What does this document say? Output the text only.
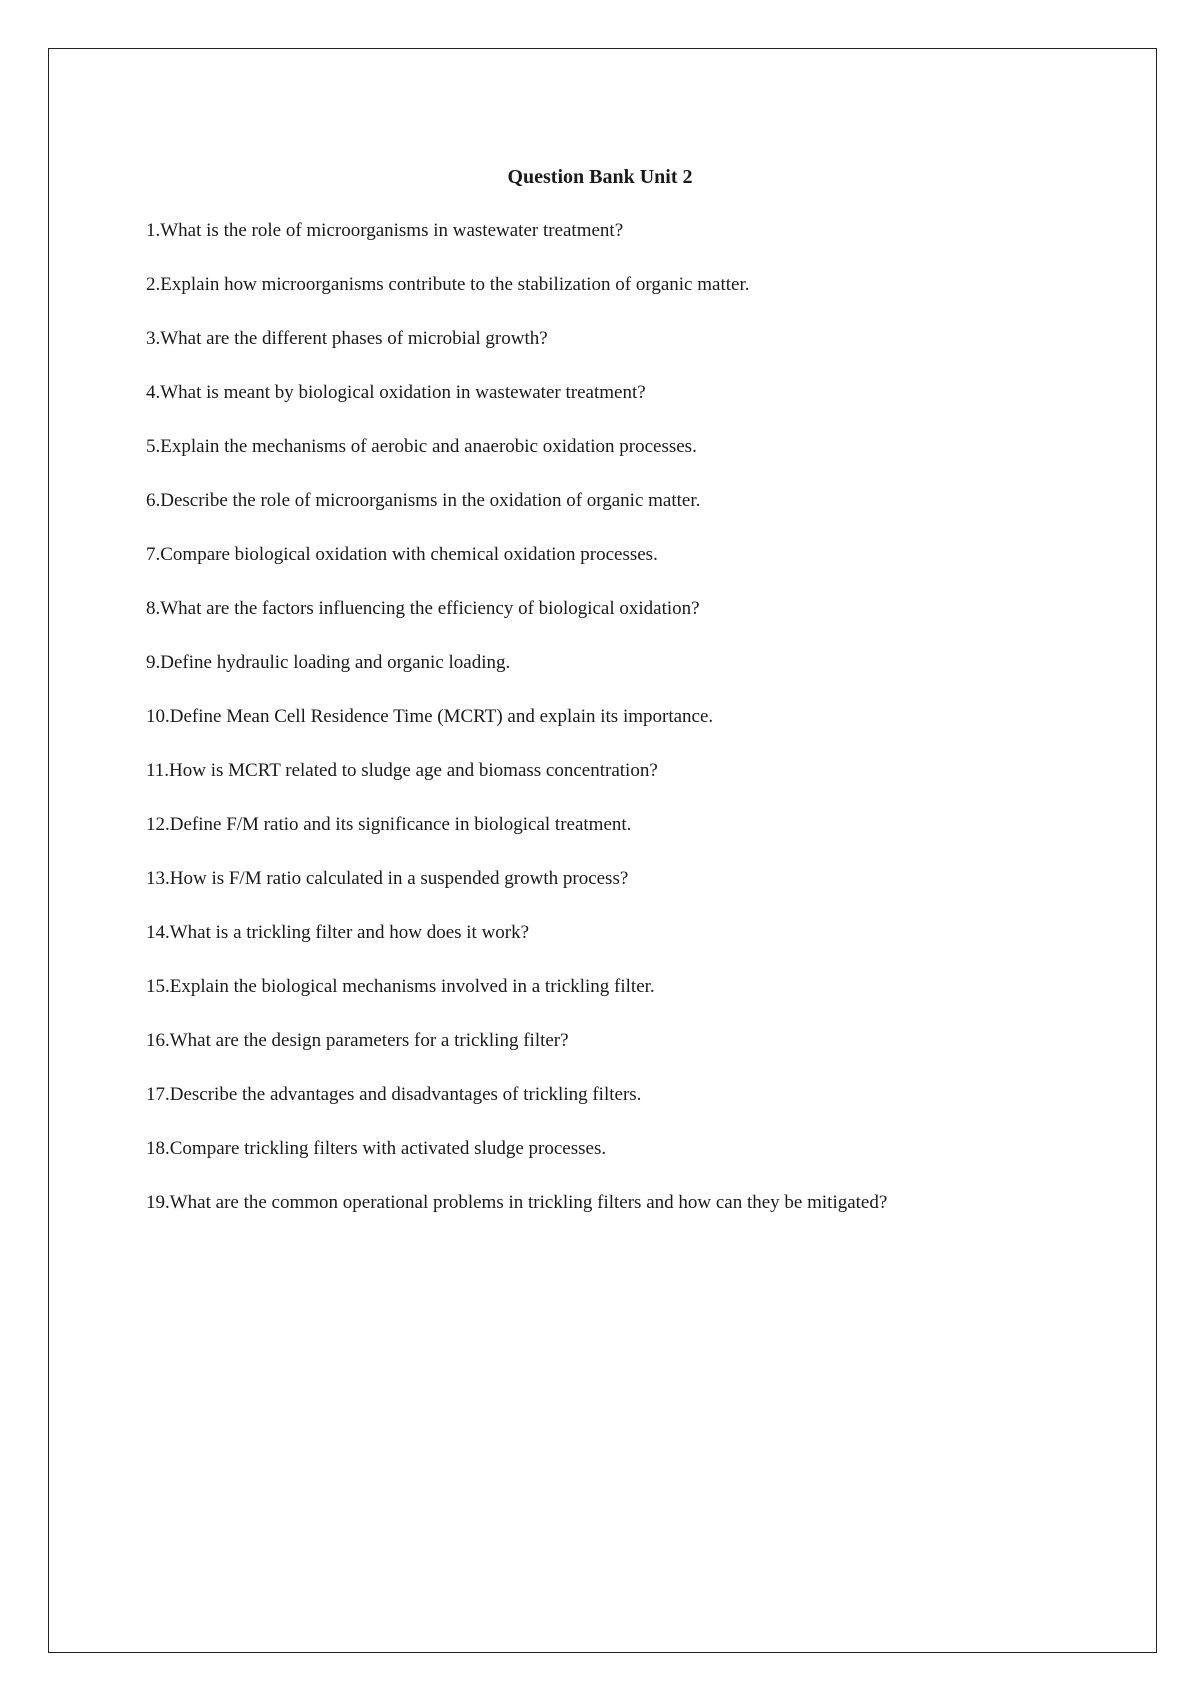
Question Bank Unit 2
1.What is the role of microorganisms in wastewater treatment?
2.Explain how microorganisms contribute to the stabilization of organic matter.
3.What are the different phases of microbial growth?
4.What is meant by biological oxidation in wastewater treatment?
5.Explain the mechanisms of aerobic and anaerobic oxidation processes.
6.Describe the role of microorganisms in the oxidation of organic matter.
7.Compare biological oxidation with chemical oxidation processes.
8.What are the factors influencing the efficiency of biological oxidation?
9.Define hydraulic loading and organic loading.
10.Define Mean Cell Residence Time (MCRT) and explain its importance.
11.How is MCRT related to sludge age and biomass concentration?
12.Define F/M ratio and its significance in biological treatment.
13.How is F/M ratio calculated in a suspended growth process?
14.What is a trickling filter and how does it work?
15.Explain the biological mechanisms involved in a trickling filter.
16.What are the design parameters for a trickling filter?
17.Describe the advantages and disadvantages of trickling filters.
18.Compare trickling filters with activated sludge processes.
19.What are the common operational problems in trickling filters and how can they be mitigated?
